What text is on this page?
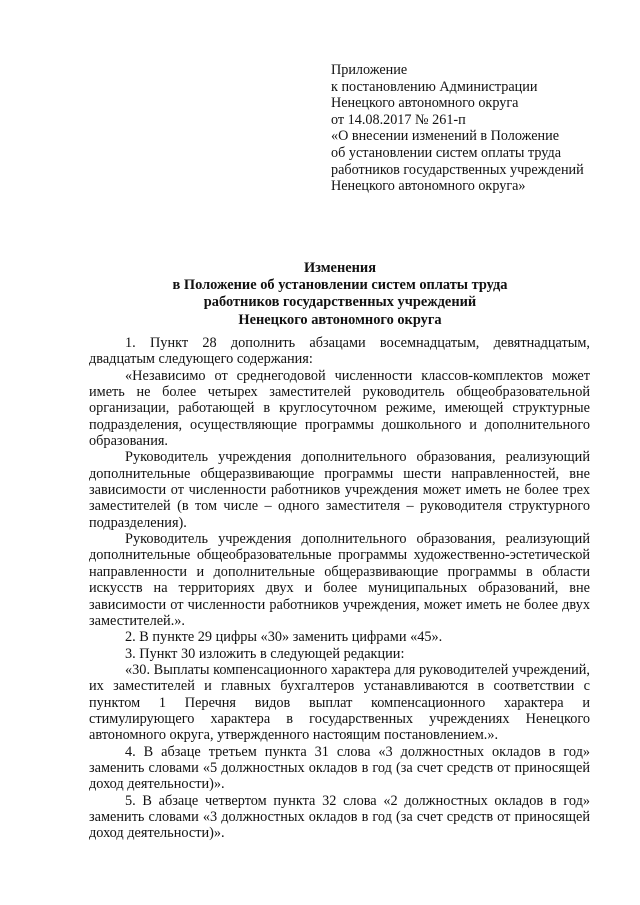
Приложение
к постановлению Администрации
Ненецкого автономного округа
от 14.08.2017 № 261-п
«О внесении изменений в Положение
об установлении систем оплаты труда
работников государственных учреждений
Ненецкого автономного округа»
Изменения
в Положение об установлении систем оплаты труда
работников государственных учреждений
Ненецкого автономного округа

1. Пункт 28 дополнить абзацами восемнадцатым, девятнадцатым, двадцатым следующего содержания:

«Независимо от среднегодовой численности классов-комплектов может иметь не более четырех заместителей руководитель общеобразовательной организации, работающей в круглосуточном режиме, имеющей структурные подразделения, осуществляющие программы дошкольного и дополнительного образования.

Руководитель учреждения дополнительного образования, реализующий дополнительные общеразвивающие программы шести направленностей, вне зависимости от численности работников учреждения может иметь не более трех заместителей (в том числе – одного заместителя – руководителя структурного подразделения).

Руководитель учреждения дополнительного образования, реализующий дополнительные общеобразовательные программы художественно-эстетической направленности и дополнительные общеразвивающие программы в области искусств на территориях двух и более муниципальных образований, вне зависимости от численности работников учреждения, может иметь не более двух заместителей.».

2. В пункте 29 цифры «30» заменить цифрами «45».

3. Пункт 30 изложить в следующей редакции:

«30. Выплаты компенсационного характера для руководителей учреждений, их заместителей и главных бухгалтеров устанавливаются в соответствии с пунктом 1 Перечня видов выплат компенсационного характера и стимулирующего характера в государственных учреждениях Ненецкого автономного округа, утвержденного настоящим постановлением.».

4. В абзаце третьем пункта 31 слова «3 должностных окладов в год» заменить словами «5 должностных окладов в год (за счет средств от приносящей доход деятельности)».

5. В абзаце четвертом пункта 32 слова «2 должностных окладов в год» заменить словами «3 должностных окладов в год (за счет средств от приносящей доход деятельности)».
